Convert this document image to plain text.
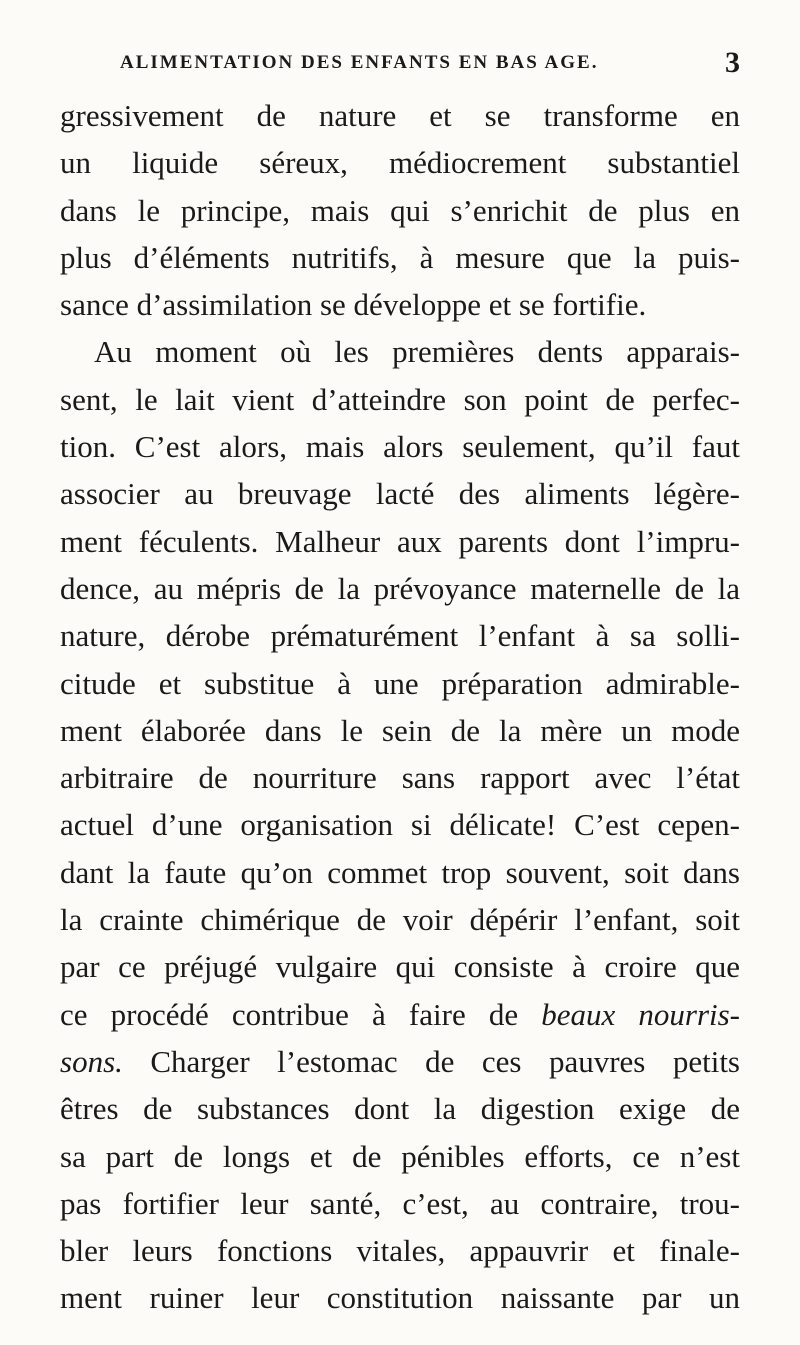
ALIMENTATION DES ENFANTS EN BAS AGE.	3
gressivement de nature et se transforme en
un liquide séreux, médiocrement substantiel
dans le principe, mais qui s’enrichit de plus en
plus d’éléments nutritifs, à mesure que la puis-
sance d’assimilation se développe et se fortifie.
Au moment où les premières dents apparais-
sent, le lait vient d’atteindre son point de perfec-
tion. C’est alors, mais alors seulement, qu’il faut
associer au breuvage lacté des aliments légère-
ment féculents. Malheur aux parents dont l’impru-
dence, au mépris de la prévoyance maternelle de la
nature, dérobe prématurément l’enfant à sa solli-
citude et substitue à une préparation admirable-
ment élaborée dans le sein de la mère un mode
arbitraire de nourriture sans rapport avec l’état
actuel d’une organisation si délicate! C’est cepen-
dant la faute qu’on commet trop souvent, soit dans
la crainte chimérique de voir dépérir l’enfant, soit
par ce préjugé vulgaire qui consiste à croire que
ce procédé contribue à faire de beaux nourris-
sons. Charger l’estomac de ces pauvres petits
êtres de substances dont la digestion exige de
sa part de longs et de pénibles efforts, ce n’est
pas fortifier leur santé, c’est, au contraire, trou-
bler leurs fonctions vitales, appauvrir et finale-
ment ruiner leur constitution naissante par un
